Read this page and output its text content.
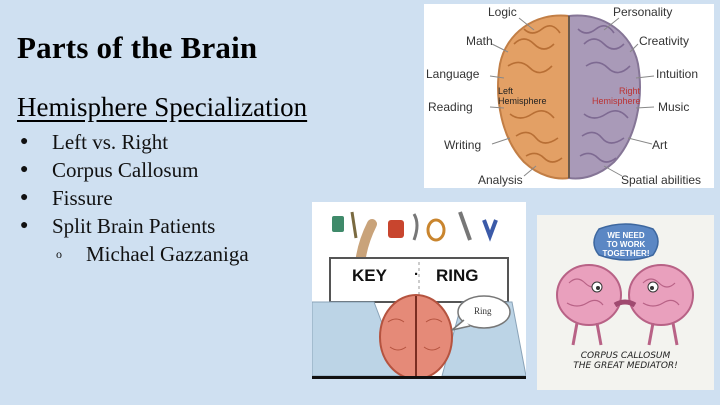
Parts of the Brain
Hemisphere Specialization
●	Left vs. Right
●	Corpus Callosum
●	Fissure
●	Split Brain Patients
o	Michael Gazzaniga
Logic
Math
Language
Reading
Writing
Analysis
Personality
Creativity
Intuition
Music
Art
Spatial abilities
Left
Hemisphere
Right
Hemisphere
KEY · RING
Ring
WE NEED
TO WORK
TOGETHER!
CORPUS CALLOSUM
THE GREAT MEDIATOR!
